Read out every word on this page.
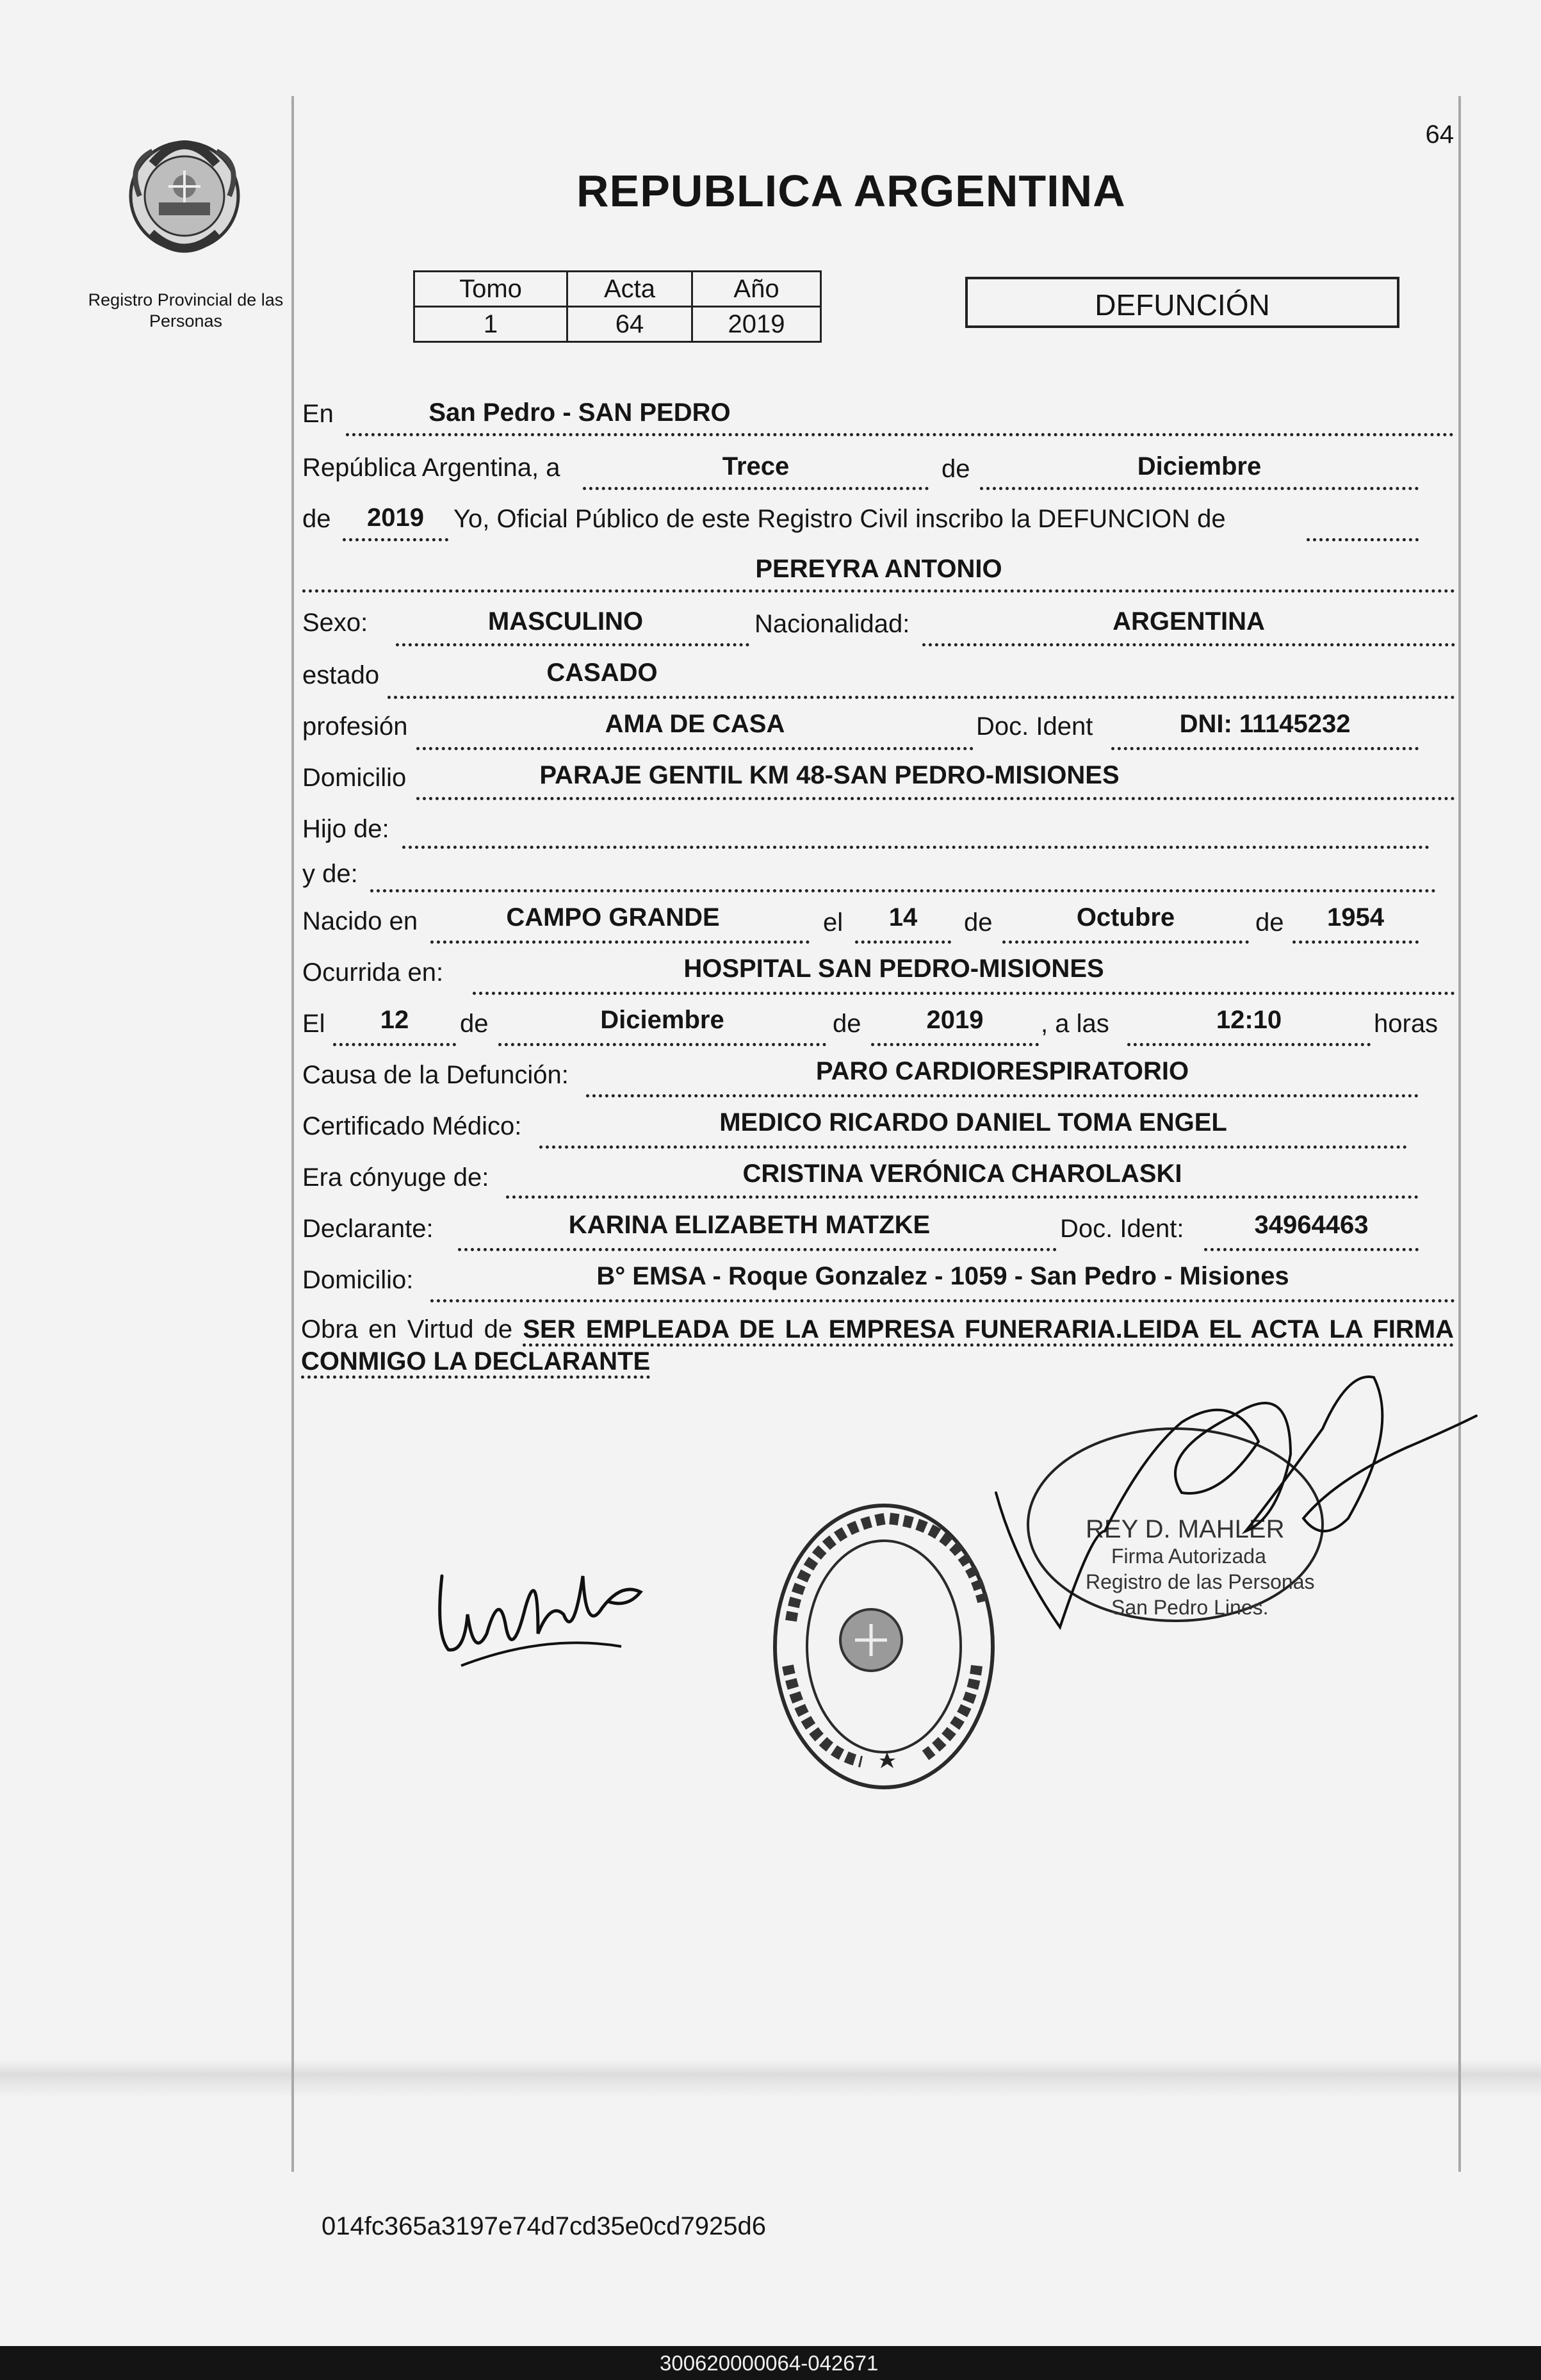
64
Registro Provincial de las Personas
REPUBLICA ARGENTINA
Tomo	Acta	Año
1	64	2019
DEFUNCIÓN
En	San Pedro - SAN PEDRO
República Argentina, a	Trece	de	Diciembre
de	2019	Yo, Oficial Público de este Registro Civil inscribo la DEFUNCION de
PEREYRA ANTONIO
Sexo:	MASCULINO	Nacionalidad:	ARGENTINA
estado	CASADO
profesión	AMA DE CASA	Doc. Ident	DNI: 11145232
Domicilio	PARAJE GENTIL KM 48-SAN PEDRO-MISIONES
Hijo de:
y de:
Nacido en	CAMPO GRANDE	el	14	de	Octubre	de	1954
Ocurrida en:	HOSPITAL SAN PEDRO-MISIONES
El	12	de	Diciembre	de	2019	, a las	12:10	horas
Causa de la Defunción:	PARO CARDIORESPIRATORIO
Certificado Médico:	MEDICO RICARDO DANIEL TOMA ENGEL
Era cónyuge de:	CRISTINA VERÓNICA CHAROLASKI
Declarante:	KARINA ELIZABETH MATZKE	Doc. Ident:	34964463
Domicilio:	B° EMSA - Roque Gonzalez - 1059 - San Pedro - Misiones
Obra en Virtud de SER EMPLEADA DE LA EMPRESA FUNERARIA.LEIDA EL ACTA LA FIRMA CONMIGO LA DECLARANTE
REY D. MAHLER
Firma Autorizada
Registro de las Personas
San Pedro Lines.
014fc365a3197e74d7cd35e0cd7925d6
300620000064-042671
